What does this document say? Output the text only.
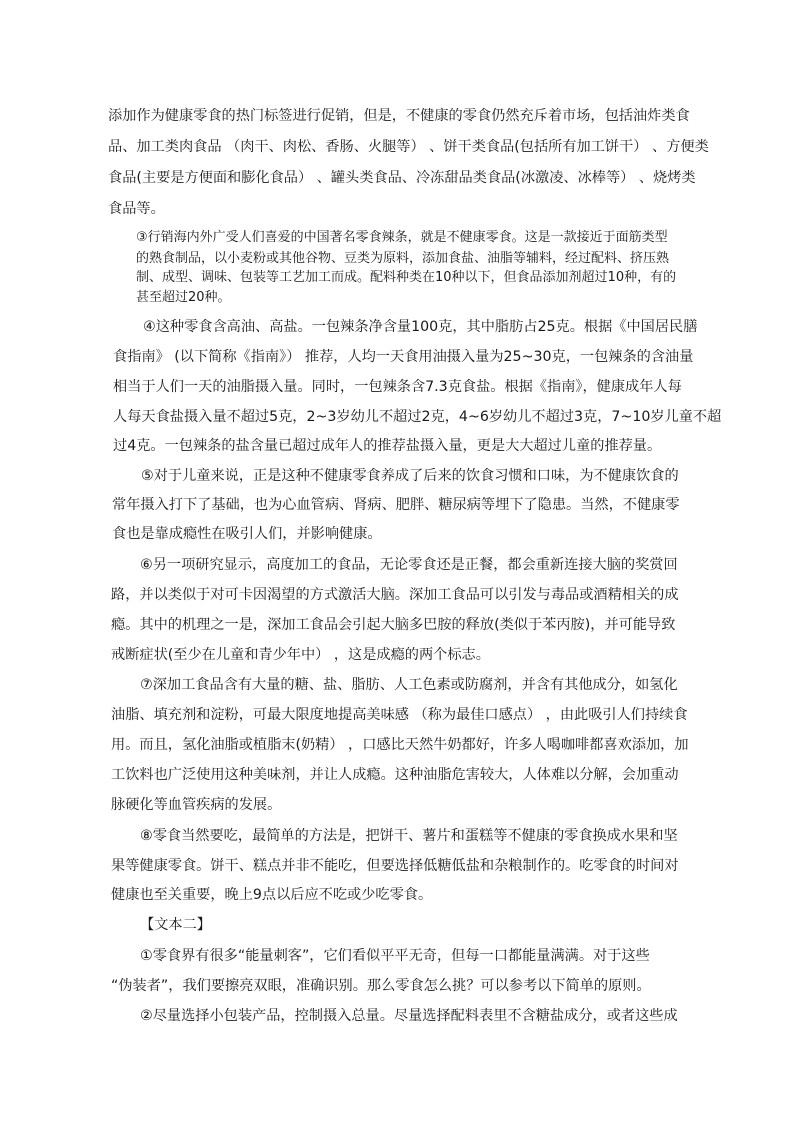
添加作为健康零食的热门标签进行促销，但是，不健康的零食仍然充斥着市场，包括油炸类食
品、加工类肉食品 （肉干、肉松、香肠、火腿等） 、饼干类食品(包括所有加工饼干） 、方便类
食品(主要是方便面和膨化食品） 、罐头类食品、冷冻甜品类食品(冰激凌、冰棒等） 、烧烤类
食品等。
③行销海内外广受人们喜爱的中国著名零食辣条，就是不健康零食。这是一款接近于面筋类型
的熟食制品，以小麦粉或其他谷物、豆类为原料，添加食盐、油脂等辅料，经过配料、挤压熟
制、成型、调味、包装等工艺加工而成。配料种类在10种以下，但食品添加剂超过10种，有的
甚至超过20种。
④这种零食含高油、高盐。一包辣条净含量100克，其中脂肪占25克。根据《中国居民膳
食指南》 (以下简称《指南》） 推荐，人均一天食用油摄入量为25~30克，一包辣条的含油量
相当于人们一天的油脂摄入量。同时，一包辣条含7.3克食盐。根据《指南》，健康成年人每
人每天食盐摄入量不超过5克，2~3岁幼儿不超过2克，4~6岁幼儿不超过3克，7~10岁儿童不超
过4克。一包辣条的盐含量已超过成年人的推荐盐摄入量，更是大大超过儿童的推荐量。
⑤对于儿童来说，正是这种不健康零食养成了后来的饮食习惯和口味，为不健康饮食的
常年摄入打下了基础，也为心血管病、肾病、肥胖、糖尿病等埋下了隐患。当然，不健康零
食也是靠成瘾性在吸引人们，并影响健康。
⑥另一项研究显示，高度加工的食品，无论零食还是正餐，都会重新连接大脑的奖赏回
路，并以类似于对可卡因渴望的方式激活大脑。深加工食品可以引发与毒品或酒精相关的成
瘾。其中的机理之一是，深加工食品会引起大脑多巴胺的释放(类似于苯丙胺)，并可能导致
戒断症状(至少在儿童和青少年中） ，这是成瘾的两个标志。
⑦深加工食品含有大量的糖、盐、脂肪、人工色素或防腐剂，并含有其他成分，如氢化
油脂、填充剂和淀粉，可最大限度地提高美味感 （称为最佳口感点） ，由此吸引人们持续食
用。而且，氢化油脂或植脂末(奶精） ，口感比天然牛奶都好，许多人喝咖啡都喜欢添加，加
工饮料也广泛使用这种美味剂，并让人成瘾。这种油脂危害较大，人体难以分解，会加重动
脉硬化等血管疾病的发展。
⑧零食当然要吃，最简单的方法是，把饼干、薯片和蛋糕等不健康的零食换成水果和坚
果等健康零食。饼干、糕点并非不能吃，但要选择低糖低盐和杂粮制作的。吃零食的时间对
健康也至关重要，晚上9点以后应不吃或少吃零食。
【文本二】
①零食界有很多“能量刺客”，它们看似平平无奇，但每一口都能量满满。对于这些
“伪装者”，我们要擦亮双眼，准确识别。那么零食怎么挑？可以参考以下简单的原则。
②尽量选择小包装产品，控制摄入总量。尽量选择配料表里不含糖盐成分，或者这些成
